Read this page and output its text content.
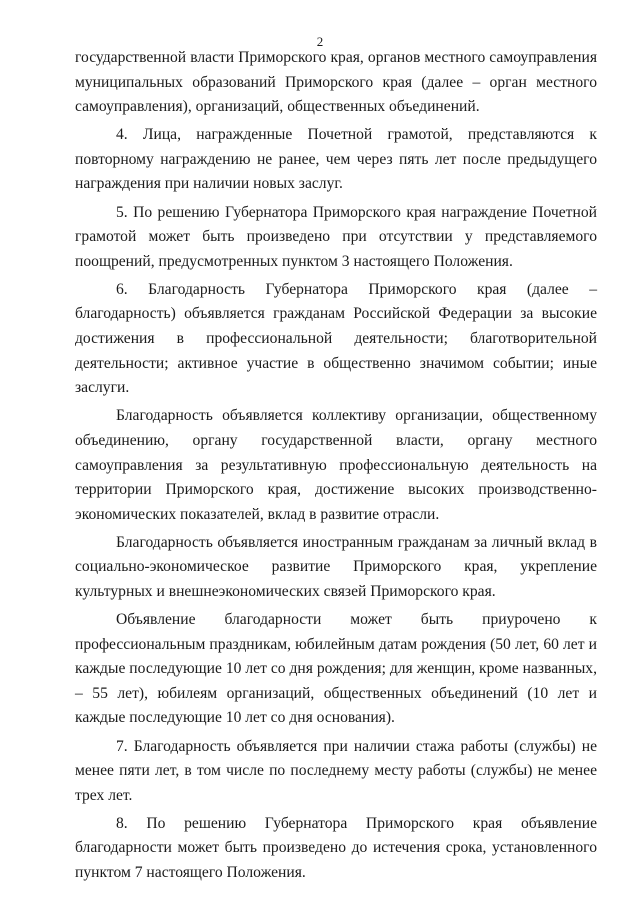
2

государственной власти Приморского края, органов местного самоуправления муниципальных образований Приморского края (далее – орган местного самоуправления), организаций, общественных объединений.

4. Лица, награжденные Почетной грамотой, представляются к повторному награждению не ранее, чем через пять лет после предыдущего награждения при наличии новых заслуг.

5. По решению Губернатора Приморского края награждение Почетной грамотой может быть произведено при отсутствии у представляемого поощрений, предусмотренных пунктом 3 настоящего Положения.

6. Благодарность Губернатора Приморского края (далее – благодарность) объявляется гражданам Российской Федерации за высокие достижения в профессиональной деятельности; благотворительной деятельности; активное участие в общественно значимом событии; иные заслуги.

Благодарность объявляется коллективу организации, общественному объединению, органу государственной власти, органу местного самоуправления за результативную профессиональную деятельность на территории Приморского края, достижение высоких производственно-экономических показателей, вклад в развитие отрасли.

Благодарность объявляется иностранным гражданам за личный вклад в социально-экономическое развитие Приморского края, укрепление культурных и внешнеэкономических связей Приморского края.

Объявление благодарности может быть приурочено к профессиональным праздникам, юбилейным датам рождения (50 лет, 60 лет и каждые последующие 10 лет со дня рождения; для женщин, кроме названных, – 55 лет), юбилеям организаций, общественных объединений (10 лет и каждые последующие 10 лет со дня основания).

7. Благодарность объявляется при наличии стажа работы (службы) не менее пяти лет, в том числе по последнему месту работы (службы) не менее трех лет.

8. По решению Губернатора Приморского края объявление благодарности может быть произведено до истечения срока, установленного пунктом 7 настоящего Положения.
